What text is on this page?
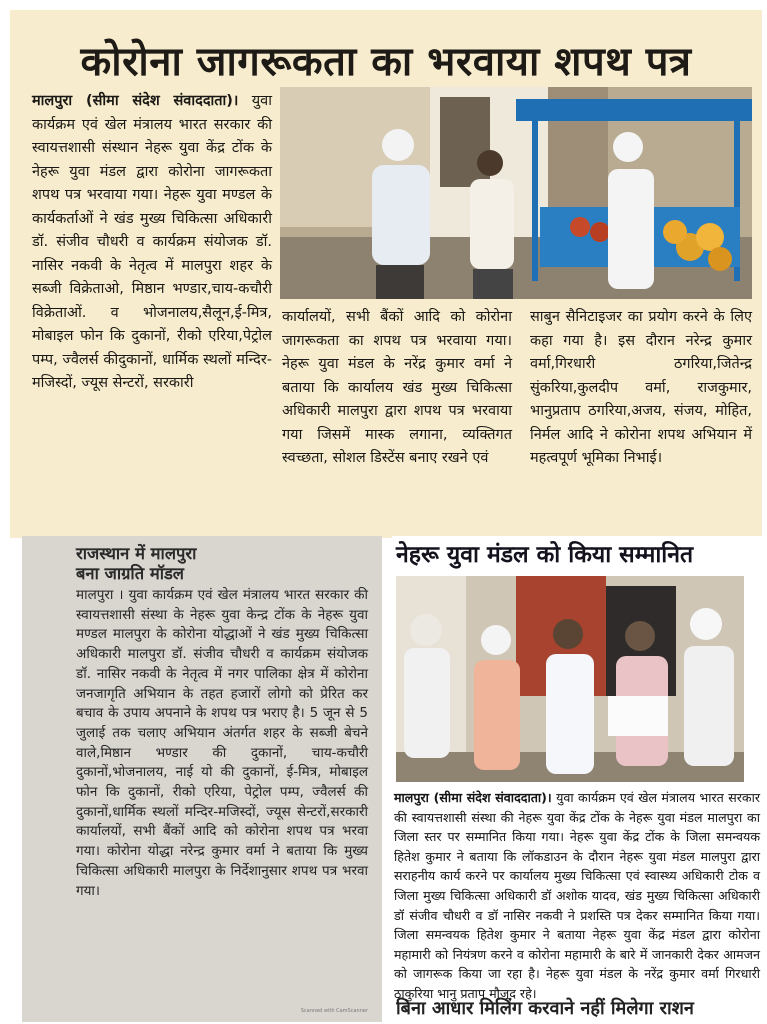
कोरोना जागरूकता का भरवाया शपथ पत्र

मालपुरा (सीमा संदेश संवाददाता)। युवा कार्यक्रम एवं खेल मंत्रालय भारत सरकार की स्वायत्तशासी संस्थान नेहरू युवा केंद्र टोंक के नेहरू युवा मंडल द्वारा कोरोना जागरूकता शपथ पत्र भरवाया गया। नेहरू युवा मण्डल के कार्यकर्ताओं ने खंड मुख्य चिकित्सा अधिकारी डॉ. संजीव चौधरी व कार्यक्रम संयोजक डॉ. नासिर नकवी के नेतृत्व में मालपुरा शहर के सब्जी विक्रेताओ, मिष्ठान भण्डार,चाय-कचौरी विक्रेताओं. व भोजनालय,सैलून,ई-मित्र, मोबाइल फोन कि दुकानों, रीको एरिया,पेट्रोल पम्प, ज्वैलर्स कीदुकानों, धार्मिक स्थलों मन्दिर-मजिस्दों, ज्यूस सेन्टरों, सरकारी

कार्यालयों, सभी बैंकों आदि को कोरोना जागरूकता का शपथ पत्र भरवाया गया। नेहरू युवा मंडल के नरेंद्र कुमार वर्मा ने बताया कि कार्यालय खंड मुख्य चिकित्सा अधिकारी मालपुरा द्वारा शपथ पत्र भरवाया गया जिसमें मास्क लगाना, व्यक्तिगत स्वच्छता, सोशल डिस्टेंस बनाए रखने एवं

साबुन सैनिटाइजर का प्रयोग करने के लिए कहा गया है। इस दौरान नरेन्द्र कुमार वर्मा,गिरधारी ठगरिया,जितेन्द्र सुंकरिया,कुलदीप वर्मा, राजकुमार, भानुप्रताप ठगरिया,अजय, संजय, मोहित, निर्मल आदि ने कोरोना शपथ अभियान में महत्वपूर्ण भूमिका निभाई।

राजस्थान में मालपुरा
बना जाग्रति मॉडल

मालपुरा । युवा कार्यक्रम एवं खेल मंत्रालय भारत सरकार की स्वायत्तशासी संस्था के नेहरू युवा केन्द्र टोंक के नेहरू युवा मण्डल मालपुरा के कोरोना योद्धाओं ने खंड मुख्य चिकित्सा अधिकारी मालपुरा डॉ. संजीव चौधरी व कार्यक्रम संयोजक डॉ. नासिर नकवी के नेतृत्व में नगर पालिका क्षेत्र में कोरोना जनजागृति अभियान के तहत हजारों लोगो को प्रेरित कर बचाव के उपाय अपनाने के शपथ पत्र भराए है। 5 जून से 5 जुलाई तक चलाए अभियान अंतर्गत शहर के सब्जी बेचने वाले,मिष्ठान भण्डार की दुकानों, चाय-कचौरी दुकानों,भोजनालय, नाई यो की दुकानों, ई-मित्र, मोबाइल फोन कि दुकानों, रीको एरिया, पेट्रोल पम्प, ज्वैलर्स की दुकानों,धार्मिक स्थलों मन्दिर-मजिस्दों, ज्यूस सेन्टरों,सरकारी कार्यालयों, सभी बैंकों आदि को कोरोना शपथ पत्र भरवा गया। कोरोना योद्धा नरेन्द्र कुमार वर्मा ने बताया कि मुख्य चिकित्सा अधिकारी मालपुरा के निर्देशानुसार शपथ पत्र भरवा गया।

Scanned with CamScanner
नेहरू युवा मंडल को किया सम्मानित

मालपुरा (सीमा संदेश संवाददाता)। युवा कार्यक्रम एवं खेल मंत्रालय भारत सरकार की स्वायत्तशासी संस्था की नेहरू युवा केंद्र टोंक के नेहरू युवा मंडल मालपुरा का जिला स्तर पर सम्मानित किया गया। नेहरू युवा केंद्र टोंक के जिला समन्वयक हितेश कुमार ने बताया कि लॉकडाउन के दौरान नेहरू युवा मंडल मालपुरा द्वारा सराहनीय कार्य करने पर कार्यालय मुख्य चिकित्सा एवं स्वास्थ्य अधिकारी टोक व जिला मुख्य चिकित्सा अधिकारी डॉ अशोक यादव, खंड मुख्य चिकित्सा अधिकारी डॉ संजीव चौधरी व डॉ नासिर नकवी ने प्रशस्ति पत्र देकर सम्मानित किया गया। जिला समन्वयक हितेश कुमार ने बताया नेहरू युवा केंद्र मंडल द्वारा कोरोना महामारी को नियंत्रण करने व कोरोना महामारी के बारे में जानकारी देकर आमजन को जागरूक किया जा रहा है। नेहरू युवा मंडल के नरेंद्र कुमार वर्मा गिरधारी ठाकुरिया भानु प्रताप मौजूद रहे।

बिना आधार मिलिंग करवाने नहीं मिलेगा राशन
